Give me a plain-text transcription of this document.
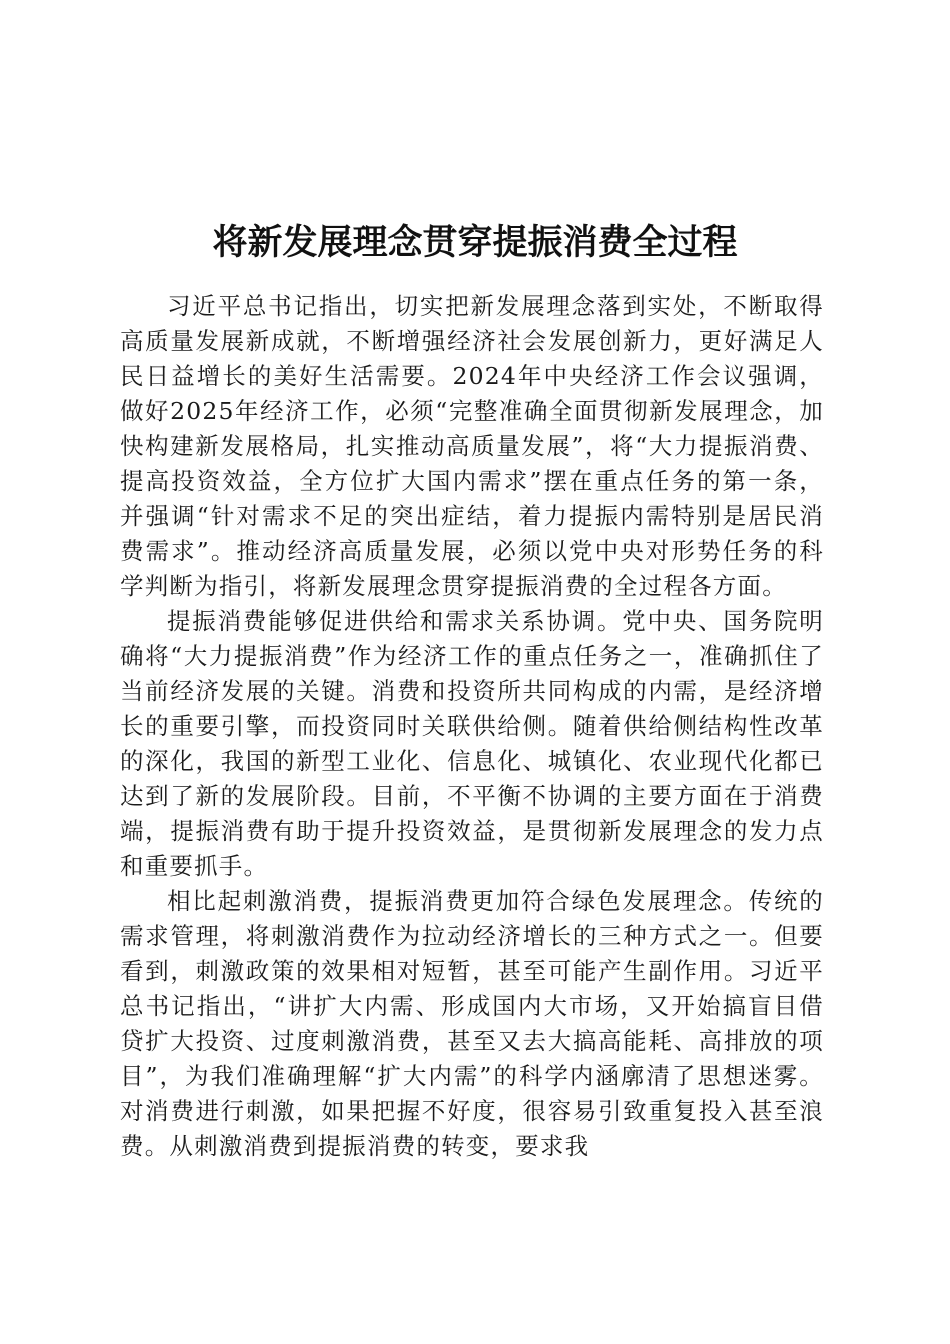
将新发展理念贯穿提振消费全过程

习近平总书记指出，切实把新发展理念落到实处，不断取得高质量发展新成就，不断增强经济社会发展创新力，更好满足人民日益增长的美好生活需要。2024年中央经济工作会议强调，做好2025年经济工作，必须“完整准确全面贯彻新发展理念，加快构建新发展格局，扎实推动高质量发展”，将“大力提振消费、提高投资效益，全方位扩大国内需求”摆在重点任务的第一条，并强调“针对需求不足的突出症结，着力提振内需特别是居民消费需求”。推动经济高质量发展，必须以党中央对形势任务的科学判断为指引，将新发展理念贯穿提振消费的全过程各方面。

提振消费能够促进供给和需求关系协调。党中央、国务院明确将“大力提振消费”作为经济工作的重点任务之一，准确抓住了当前经济发展的关键。消费和投资所共同构成的内需，是经济增长的重要引擎，而投资同时关联供给侧。随着供给侧结构性改革的深化，我国的新型工业化、信息化、城镇化、农业现代化都已达到了新的发展阶段。目前，不平衡不协调的主要方面在于消费端，提振消费有助于提升投资效益，是贯彻新发展理念的发力点和重要抓手。

相比起刺激消费，提振消费更加符合绿色发展理念。传统的需求管理，将刺激消费作为拉动经济增长的三种方式之一。但要看到，刺激政策的效果相对短暂，甚至可能产生副作用。习近平总书记指出，“讲扩大内需、形成国内大市场，又开始搞盲目借贷扩大投资、过度刺激消费，甚至又去大搞高能耗、高排放的项目”，为我们准确理解“扩大内需”的科学内涵廓清了思想迷雾。对消费进行刺激，如果把握不好度，很容易引致重复投入甚至浪费。从刺激消费到提振消费的转变，要求我
